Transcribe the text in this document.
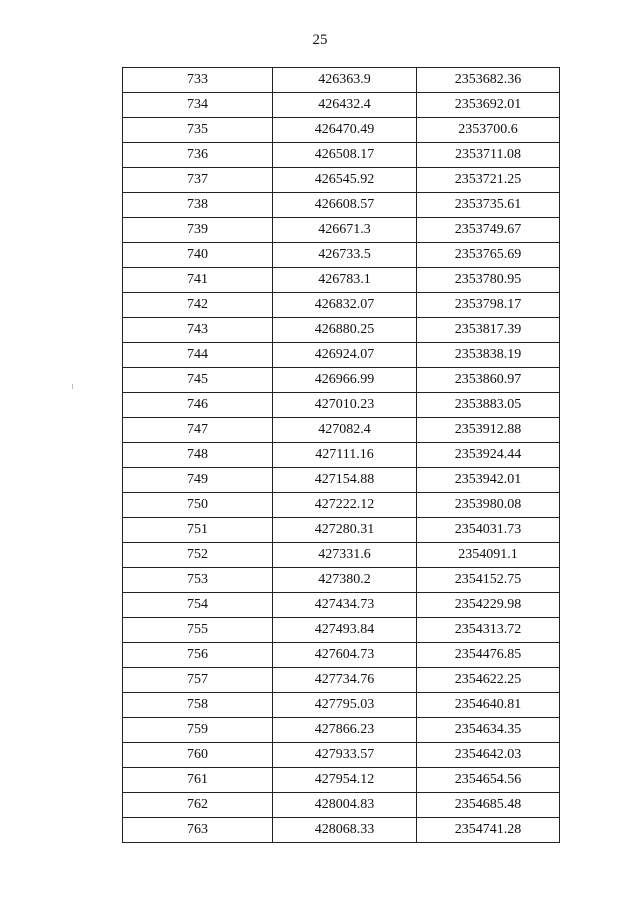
25
733	426363.9	2353682.36
734	426432.4	2353692.01
735	426470.49	2353700.6
736	426508.17	2353711.08
737	426545.92	2353721.25
738	426608.57	2353735.61
739	426671.3	2353749.67
740	426733.5	2353765.69
741	426783.1	2353780.95
742	426832.07	2353798.17
743	426880.25	2353817.39
744	426924.07	2353838.19
745	426966.99	2353860.97
746	427010.23	2353883.05
747	427082.4	2353912.88
748	427111.16	2353924.44
749	427154.88	2353942.01
750	427222.12	2353980.08
751	427280.31	2354031.73
752	427331.6	2354091.1
753	427380.2	2354152.75
754	427434.73	2354229.98
755	427493.84	2354313.72
756	427604.73	2354476.85
757	427734.76	2354622.25
758	427795.03	2354640.81
759	427866.23	2354634.35
760	427933.57	2354642.03
761	427954.12	2354654.56
762	428004.83	2354685.48
763	428068.33	2354741.28
